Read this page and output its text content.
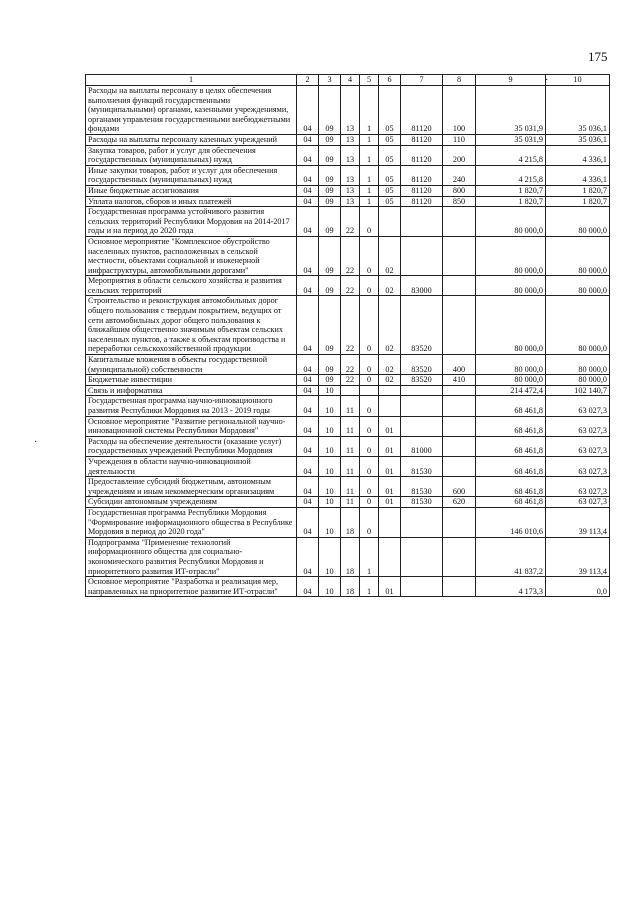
175
1	2	3	4	5	6	7	8	9	10
Расходы на выплаты персоналу в целях обеспечения выполнения функций государственными (муниципальными) органами, казенными учреждениями, органами управления государственными внебюджетными фондами	04	09	13	1	05	81120	100	35 031,9	35 036,1
Расходы на выплаты персоналу казенных учреждений	04	09	13	1	05	81120	110	35 031,9	35 036,1
Закупка товаров, работ и услуг для обеспечения государственных (муниципальных) нужд	04	09	13	1	05	81120	200	4 215,8	4 336,1
Иные закупки товаров, работ и услуг для обеспечения государственных (муниципальных) нужд	04	09	13	1	05	81120	240	4 215,8	4 336,1
Иные бюджетные ассигнования	04	09	13	1	05	81120	800	1 820,7	1 820,7
Уплата налогов, сборов и иных платежей	04	09	13	1	05	81120	850	1 820,7	1 820,7
Государственная программа устойчивого развития сельских территорий Республики Мордовия на 2014-2017 годы и на период до 2020 года	04	09	22	0				80 000,0	80 000,0
Основное мероприятие "Комплексное обустройство населенных пунктов, расположенных в сельской местности, объектами социальной и инженерной инфраструктуры, автомобильными дорогами"	04	09	22	0	02			80 000,0	80 000,0
Мероприятия в области сельского хозяйства и развития сельских территорий	04	09	22	0	02	83000		80 000,0	80 000,0
Строительство и реконструкция автомобильных дорог общего пользования с твердым покрытием, ведущих от сети автомобильных дорог общего пользования к ближайшим общественно значимым объектам сельских населенных пунктов, а также к объектам производства и переработки сельскохозяйственной продукции	04	09	22	0	02	83520		80 000,0	80 000,0
Капитальные вложения в объекты государственной (муниципальной) собственности	04	09	22	0	02	83520	400	80 000,0	80 000,0
Бюджетные инвестиции	04	09	22	0	02	83520	410	80 000,0	80 000,0
Связь и информатика	04	10						214 472,4	102 140,7
Государственная программа научно-инновационного развития Республики Мордовия на 2013 - 2019 годы	04	10	11	0				68 461,8	63 027,3
Основное мероприятие "Развитие региональной научно-инновационной системы Республики Мордовия"	04	10	11	0	01			68 461,8	63 027,3
Расходы на обеспечение деятельности (оказание услуг) государственных учреждений Республики Мордовия	04	10	11	0	01	81000		68 461,8	63 027,3
Учреждения в области научно-инновационной деятельности	04	10	11	0	01	81530		68 461,8	63 027,3
Предоставление субсидий бюджетным, автономным учреждениям и иным некоммерческим организациям	04	10	11	0	01	81530	600	68 461,8	63 027,3
Субсидии автономным учреждениям	04	10	11	0	01	81530	620	68 461,8	63 027,3
Государственная программа Республики Мордовия "Формирование информационного общества в Республике Мордовия в период до 2020 года"	04	10	18	0				146 010,6	39 113,4
Подпрограмма "Применение технологий информационного общества для социально-экономического развития Республики Мордовия и приоритетного развития ИТ-отрасли"	04	10	18	1				41 837,2	39 113,4
Основное мероприятие "Разработка и реализация мер, направленных на приоритетное развитие ИТ-отрасли"	04	10	18	1	01			4 173,3	0,0
·
·
